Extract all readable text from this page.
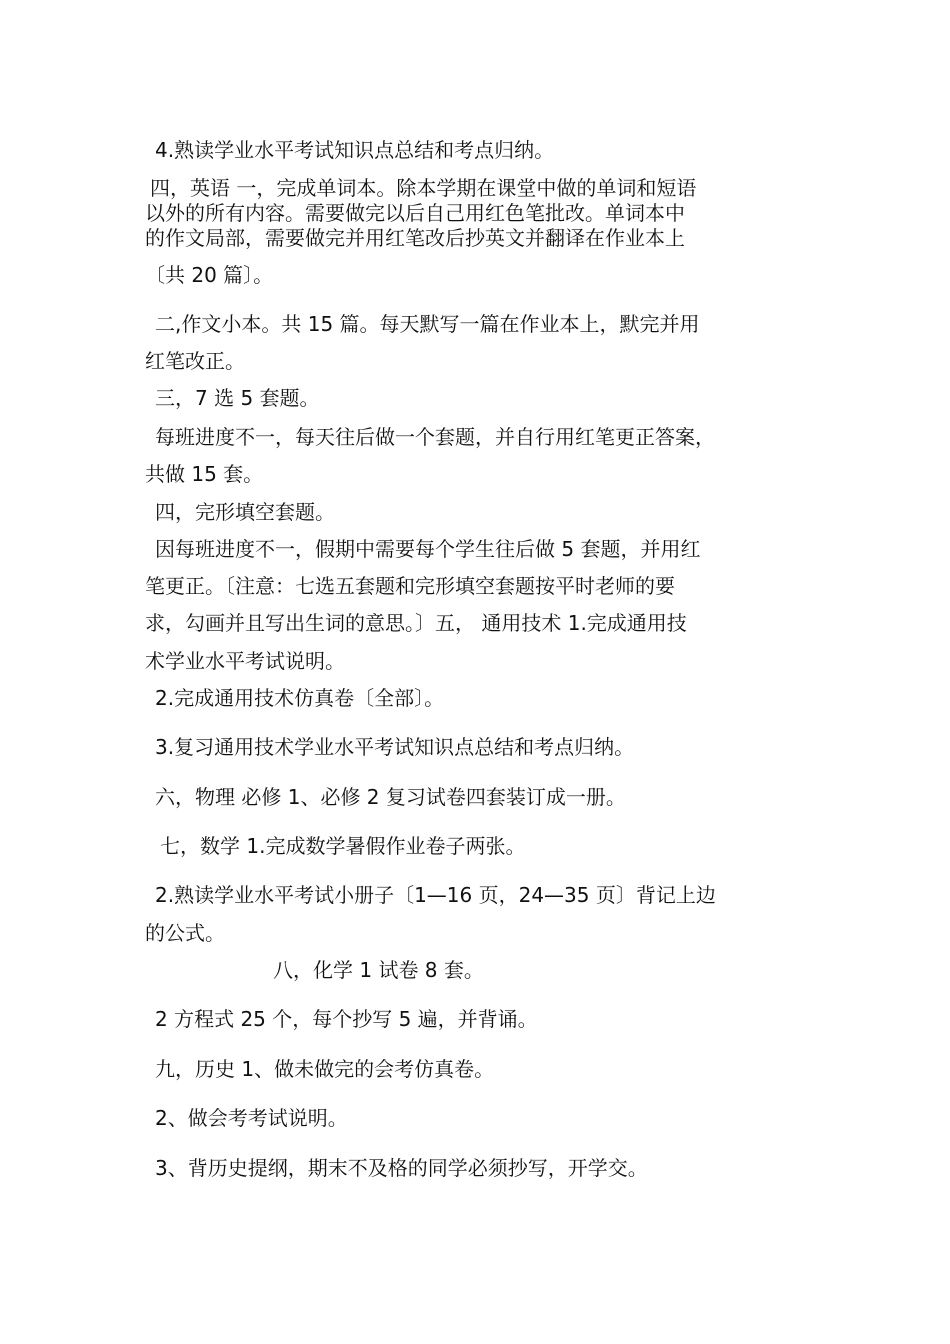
4.熟读学业水平考试知识点总结和考点归纳。
四，英语 一，完成单词本。除本学期在课堂中做的单词和短语
以外的所有内容。需要做完以后自己用红色笔批改。单词本中
的作文局部，需要做完并用红笔改后抄英文并翻译在作业本上
〔共 20 篇〕。
二,作文小本。共 15 篇。每天默写一篇在作业本上，默完并用
红笔改正。
三，7 选 5 套题。
每班进度不一，每天往后做一个套题，并自行用红笔更正答案，
共做 15 套。
四，完形填空套题。
因每班进度不一，假期中需要每个学生往后做 5 套题，并用红
笔更正。〔注意：七选五套题和完形填空套题按平时老师的要
求，勾画并且写出生词的意思。〕五， 通用技术 1.完成通用技
术学业水平考试说明。
2.完成通用技术仿真卷〔全部〕。
3.复习通用技术学业水平考试知识点总结和考点归纳。
六，物理 必修 1、必修 2 复习试卷四套装订成一册。
七，数学 1.完成数学暑假作业卷子两张。
2.熟读学业水平考试小册子〔1—16 页，24—35 页〕背记上边
的公式。
八，化学 1 试卷 8 套。
2 方程式 25 个，每个抄写 5 遍，并背诵。
九，历史 1、做未做完的会考仿真卷。
2、做会考考试说明。
3、背历史提纲，期末不及格的同学必须抄写，开学交。
